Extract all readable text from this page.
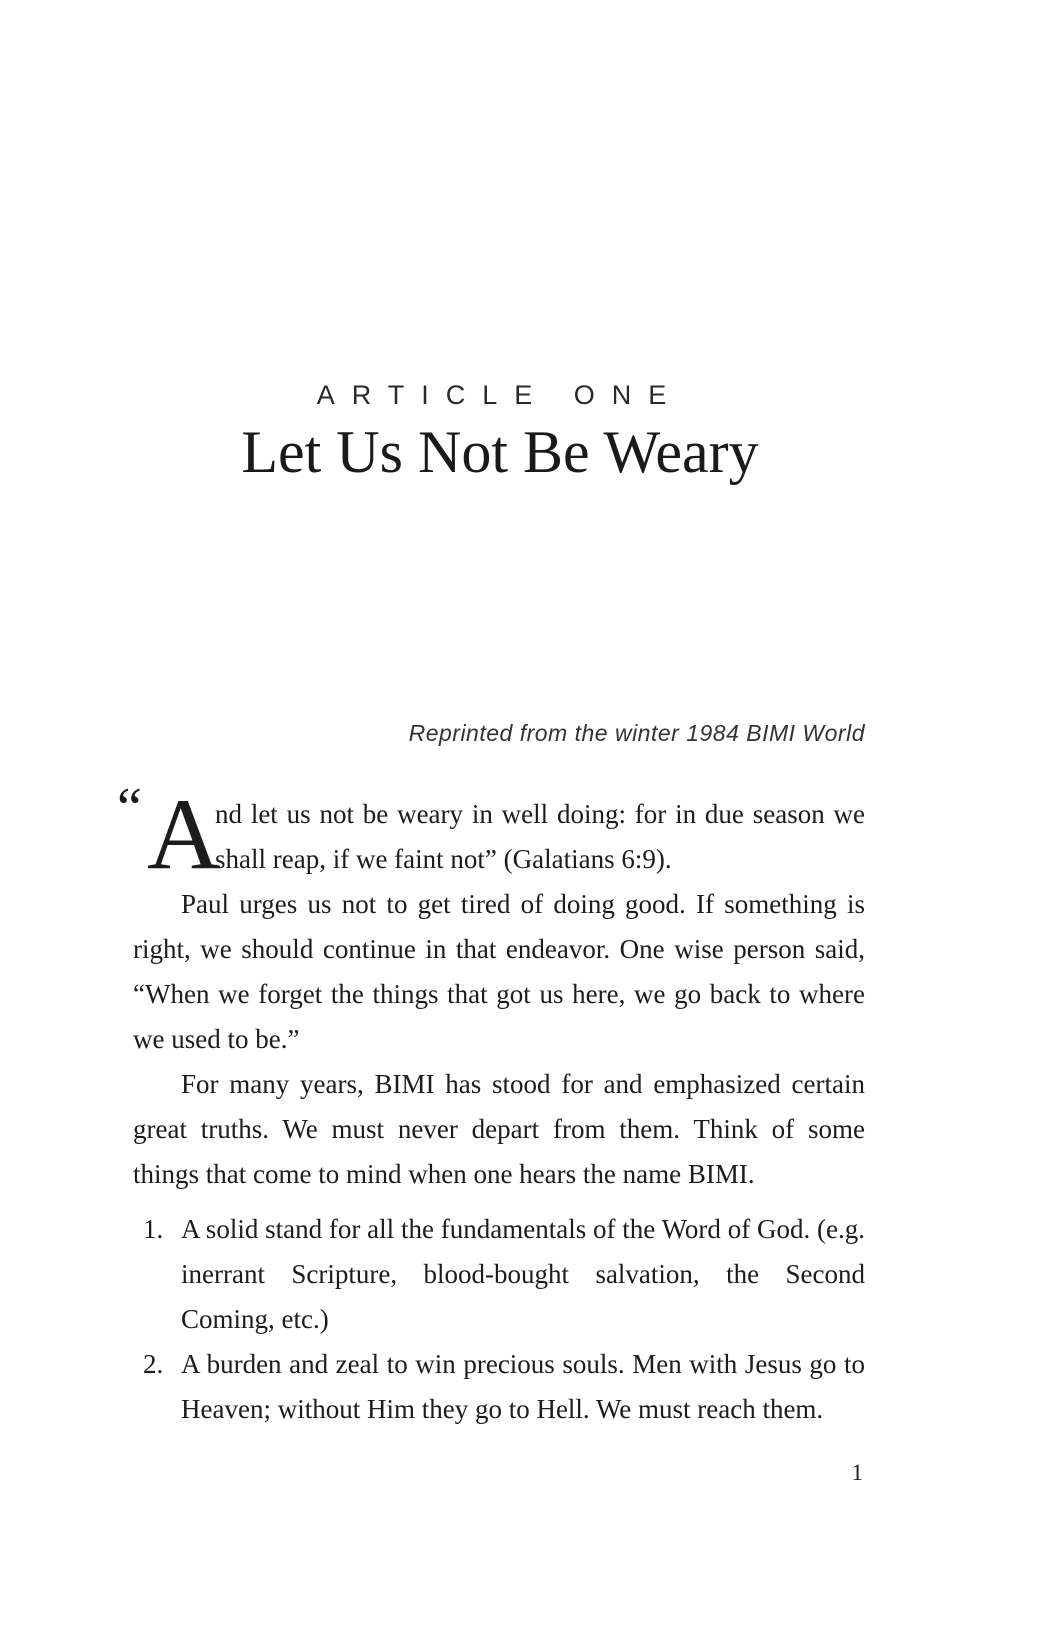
ARTICLE ONE
Let Us Not Be Weary
Reprinted from the winter 1984 BIMI World

“ A
nd let us not be weary in well doing: for in due season we shall reap, if we faint not” (Galatians 6:9).

Paul urges us not to get tired of doing good. If something is right, we should continue in that endeavor. One wise person said, “When we forget the things that got us here, we go back to where we used to be.”

For many years, BIMI has stood for and emphasized certain great truths. We must never depart from them. Think of some things that come to mind when one hears the name BIMI.

1. A solid stand for all the fundamentals of the Word of God. (e.g. inerrant Scripture, blood-bought salvation, the Second Coming, etc.)
2. A burden and zeal to win precious souls. Men with Jesus go to Heaven; without Him they go to Hell. We must reach them.
1
